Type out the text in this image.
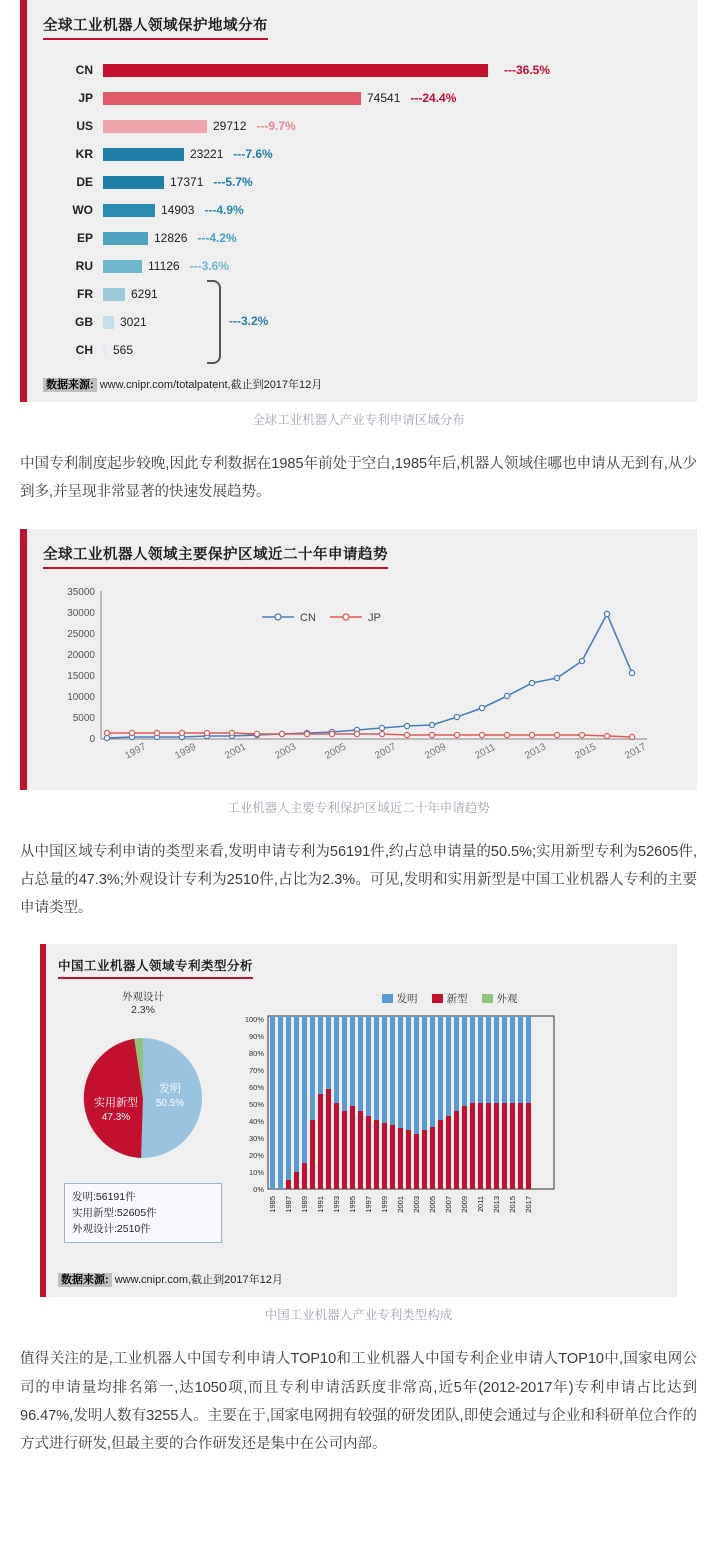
全球工业机器人领域保护地域分布
CN	---36.5%
JP	74541 ---24.4%
US	29712 ---9.7%
KR	23221 ---7.6%
DE	17371 ---5.7%
WO	14903 ---4.9%
EP	12826 ---4.2%
RU	11126 ---3.6%
FR	6291
GB	3021
CH	565
---3.2%
数据来源: www.cnipr.com/totalpatent,截止到2017年12月
全球工业机器人产业专利申请区域分布

中国专利制度起步较晚,因此专利数据在1985年前处于空白,1985年后,机器人领域住哪也申请从无到有,从少到多,并呈现非常显著的快速发展趋势。

全球工业机器人领域主要保护区域近二十年申请趋势
35000
30000
25000
20000
15000
10000
5000
0
CN	JP
1997	1999	2001	2003	2005	2007	2009	2011	2013	2015	2017
工业机器人主要专利保护区域近二十年申请趋势

从中国区域专利申请的类型来看,发明申请专利为56191件,约占总申请量的50.5%;实用新型专利为52605件,占总量的47.3%;外观设计专利为2510件,占比为2.3%。可见,发明和实用新型是中国工业机器人专利的主要申请类型。

中国工业机器人领域专利类型分析
外观设计
2.3%
发明
50.5%
实用新型
47.3%
发明:56191件
实用新型:52605件
外观设计:2510件
发明	新型	外观
100%
90%
80%
70%
60%
50%
40%
30%
20%
10%
0%
1985 1987 1989 1991 1993 1995 1997 1999 2001 2003 2005 2007 2009 2011 2013 2015 2017
数据来源: www.cnipr.com,截止到2017年12月
中国工业机器人产业专利类型构成

值得关注的是,工业机器人中国专利申请人TOP10和工业机器人中国专利企业申请人TOP10中,国家电网公司的申请量均排名第一,达1050项,而且专利申请活跃度非常高,近5年(2012-2017年)专利申请占比达到96.47%,发明人数有3255人。主要在于,国家电网拥有较强的研发团队,即使会通过与企业和科研单位合作的方式进行研发,但最主要的合作研发还是集中在公司内部。
